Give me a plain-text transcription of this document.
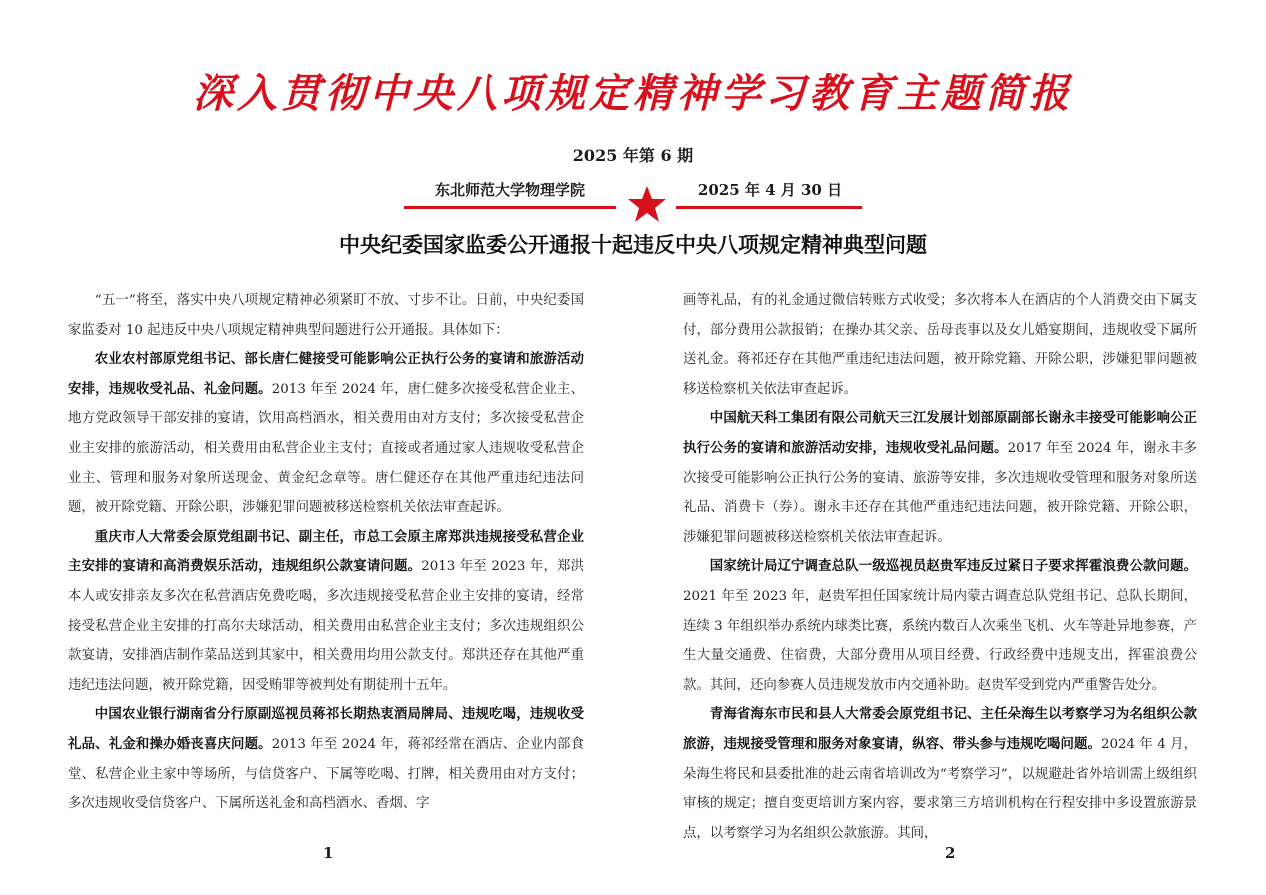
深入贯彻中央八项规定精神学习教育主题简报
2025 年第 6 期
东北师范大学物理学院	2025 年 4 月 30 日
中央纪委国家监委公开通报十起违反中央八项规定精神典型问题

“五一”将至，落实中央八项规定精神必须紧盯不放、寸步不让。日前，中央纪委国家监委对 10 起违反中央八项规定精神典型问题进行公开通报。具体如下：

农业农村部原党组书记、部长唐仁健接受可能影响公正执行公务的宴请和旅游活动安排，违规收受礼品、礼金问题。2013 年至 2024 年，唐仁健多次接受私营企业主、地方党政领导干部安排的宴请，饮用高档酒水，相关费用由对方支付；多次接受私营企业主安排的旅游活动，相关费用由私营企业主支付；直接或者通过家人违规收受私营企业主、管理和服务对象所送现金、黄金纪念章等。唐仁健还存在其他严重违纪违法问题，被开除党籍、开除公职，涉嫌犯罪问题被移送检察机关依法审查起诉。

重庆市人大常委会原党组副书记、副主任，市总工会原主席郑洪违规接受私营企业主安排的宴请和高消费娱乐活动，违规组织公款宴请问题。2013 年至 2023 年，郑洪本人或安排亲友多次在私营酒店免费吃喝，多次违规接受私营企业主安排的宴请，经常接受私营企业主安排的打高尔夫球活动，相关费用由私营企业主支付；多次违规组织公款宴请，安排酒店制作菜品送到其家中，相关费用均用公款支付。郑洪还存在其他严重违纪违法问题，被开除党籍，因受贿罪等被判处有期徒刑十五年。

中国农业银行湖南省分行原副巡视员蒋祁长期热衷酒局牌局、违规吃喝，违规收受礼品、礼金和操办婚丧喜庆问题。2013 年至 2024 年，蒋祁经常在酒店、企业内部食堂、私营企业主家中等场所，与信贷客户、下属等吃喝、打牌，相关费用由对方支付；多次违规收受信贷客户、下属所送礼金和高档酒水、香烟、字

画等礼品，有的礼金通过微信转账方式收受；多次将本人在酒店的个人消费交由下属支付，部分费用公款报销；在操办其父亲、岳母丧事以及女儿婚宴期间，违规收受下属所送礼金。蒋祁还存在其他严重违纪违法问题，被开除党籍、开除公职，涉嫌犯罪问题被移送检察机关依法审查起诉。

中国航天科工集团有限公司航天三江发展计划部原副部长谢永丰接受可能影响公正执行公务的宴请和旅游活动安排，违规收受礼品问题。2017 年至 2024 年，谢永丰多次接受可能影响公正执行公务的宴请、旅游等安排，多次违规收受管理和服务对象所送礼品、消费卡（券）。谢永丰还存在其他严重违纪违法问题，被开除党籍、开除公职，涉嫌犯罪问题被移送检察机关依法审查起诉。

国家统计局辽宁调查总队一级巡视员赵贵军违反过紧日子要求挥霍浪费公款问题。2021 年至 2023 年，赵贵军担任国家统计局内蒙古调查总队党组书记、总队长期间，连续 3 年组织举办系统内球类比赛，系统内数百人次乘坐飞机、火车等赴异地参赛，产生大量交通费、住宿费，大部分费用从项目经费、行政经费中违规支出，挥霍浪费公款。其间，还向参赛人员违规发放市内交通补助。赵贵军受到党内严重警告处分。

青海省海东市民和县人大常委会原党组书记、主任朵海生以考察学习为名组织公款旅游，违规接受管理和服务对象宴请，纵容、带头参与违规吃喝问题。2024 年 4 月，朵海生将民和县委批准的赴云南省培训改为“考察学习”，以规避赴省外培训需上级组织审核的规定；擅自变更培训方案内容，要求第三方培训机构在行程安排中多设置旅游景点，以考察学习为名组织公款旅游。其间，

1	2
